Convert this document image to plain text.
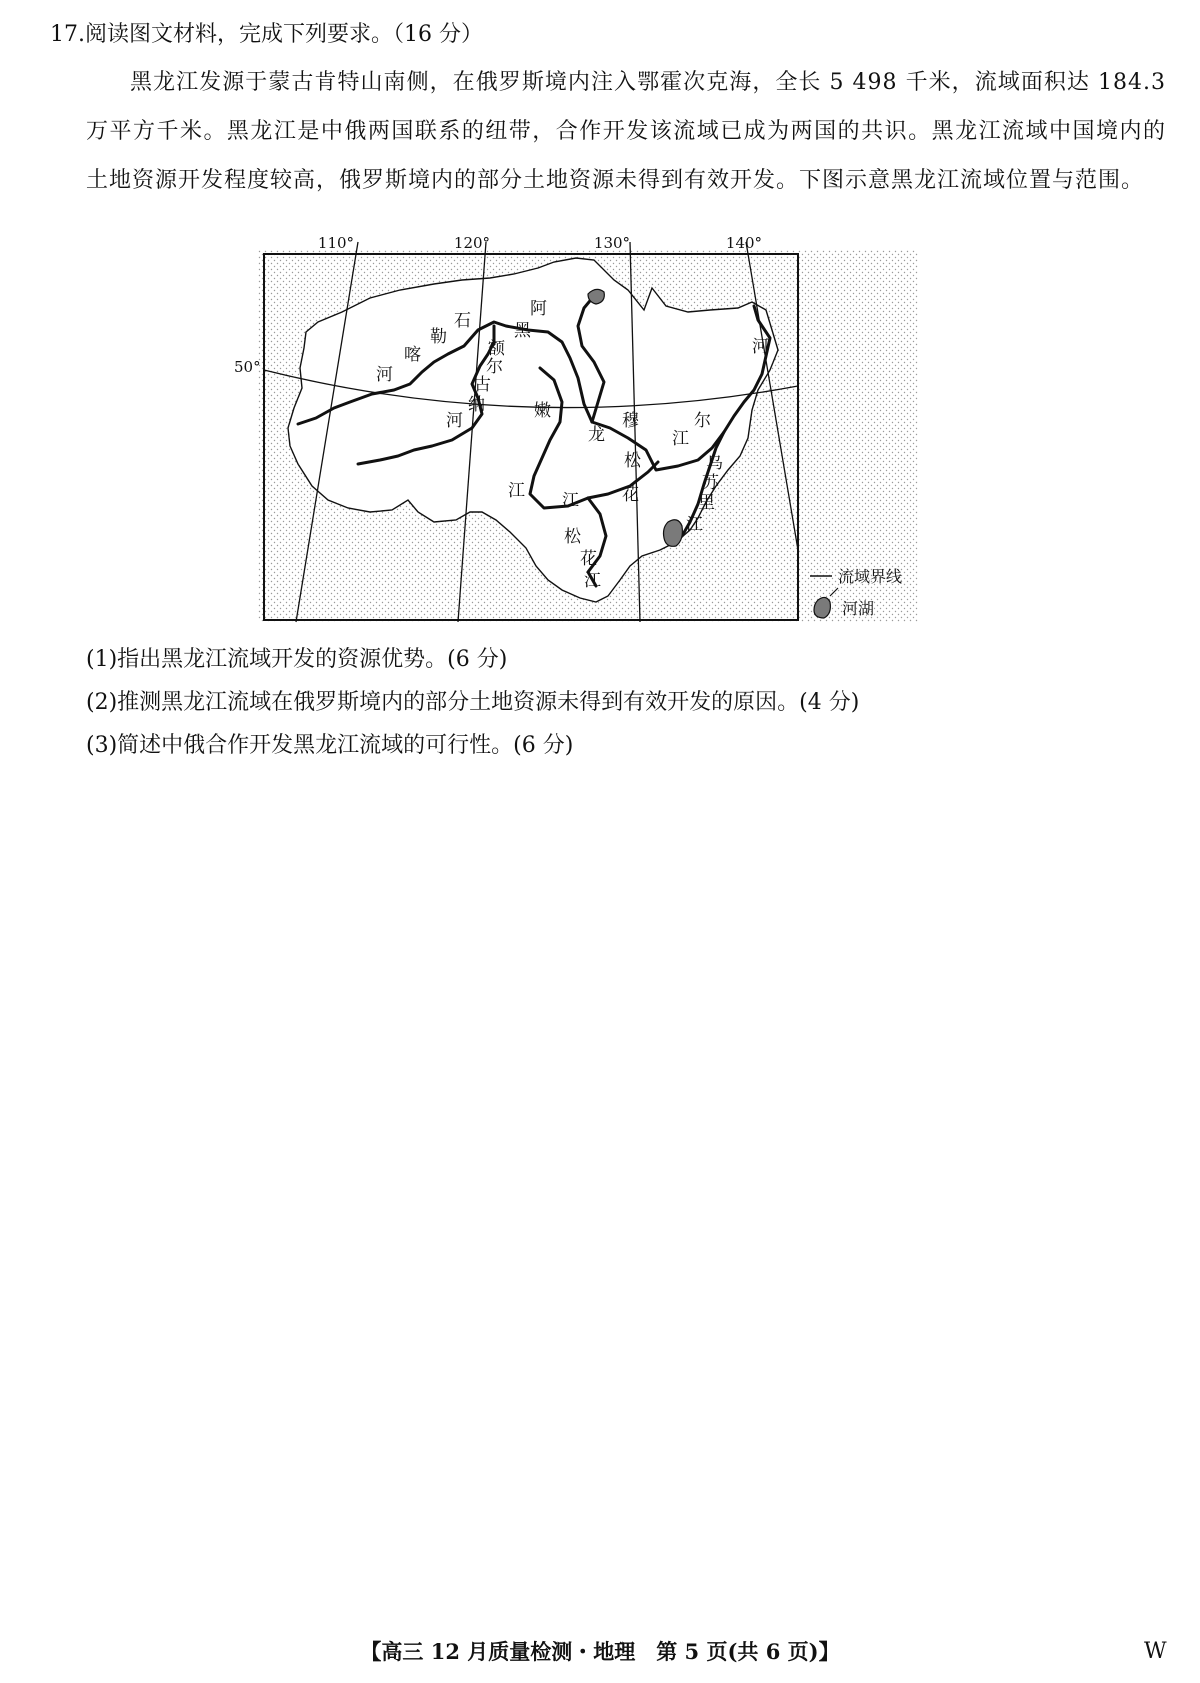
17.阅读图文材料，完成下列要求。（16 分）
黑龙江发源于蒙古肯特山南侧，在俄罗斯境内注入鄂霍次克海，全长 5 498 千米，流域面积达 184.3 万平方千米。黑龙江是中俄两国联系的纽带，合作开发该流域已成为两国的共识。黑龙江流域中国境内的土地资源开发程度较高，俄罗斯境内的部分土地资源未得到有效开发。下图示意黑龙江流域位置与范围。
110°	120°	130°	140°
50°
石
勒
喀
河
阿
黑
龙	江
额
尔
古
纳
河	嫩
江
松
花
江
松
花
江
穆	尔
乌
苏
里
江
河
流域界线
河湖
(1)指出黑龙江流域开发的资源优势。(6 分)
(2)推测黑龙江流域在俄罗斯境内的部分土地资源未得到有效开发的原因。(4 分)
(3)简述中俄合作开发黑龙江流域的可行性。(6 分)
【高三 12 月质量检测・地理　第 5 页(共 6 页)】	W
